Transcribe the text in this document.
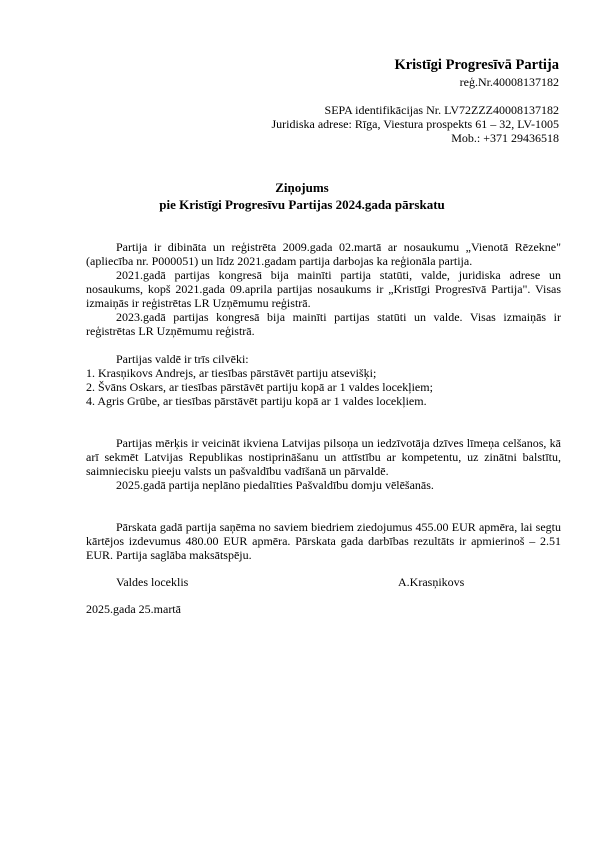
Kristīgi Progresīvā Partija
reģ.Nr.40008137182
SEPA identifikācijas Nr. LV72ZZZ40008137182
Juridiska adrese: Rīga, Viestura prospekts 61 – 32, LV-1005
Mob.: +371 29436518
Ziņojums
pie Kristīgi Progresīvu Partijas 2024.gada pārskatu

Partija ir dibināta un reģistrēta 2009.gada 02.martā ar nosaukumu „Vienotā Rēzekne" (apliecība nr. P000051) un līdz 2021.gadam partija darbojas ka reģionāla partija.

2021.gadā partijas kongresā bija mainīti partija statūti, valde, juridiska adrese un nosaukums, kopš 2021.gada 09.aprila partijas nosaukums ir „Kristīgi Progresīvā Partija". Visas izmaiņās ir reģistrētas LR Uzņēmumu reģistrā.

2023.gadā partijas kongresā bija mainīti partijas statūti un valde. Visas izmaiņās ir reģistrētas LR Uzņēmumu reģistrā.

Partijas valdē ir trīs cilvēki:

1. Krasņikovs Andrejs, ar tiesības pārstāvēt partiju atsevišķi;
2. Švāns Oskars, ar tiesības pārstāvēt partiju kopā ar 1 valdes locekļiem;
4. Agris Grūbe, ar tiesības pārstāvēt partiju kopā ar 1 valdes locekļiem.

Partijas mērķis ir veicināt ikviena Latvijas pilsoņa un iedzīvotāja dzīves līmeņa celšanos, kā arī sekmēt Latvijas Republikas nostiprināšanu un attīstību ar kompetentu, uz zinātni balstītu, saimniecisku pieeju valsts un pašvaldību vadīšanā un pārvaldē.

2025.gadā partija neplāno piedalīties Pašvaldību domju vēlēšanās.

Pārskata gadā partija saņēma no saviem biedriem ziedojumus 455.00 EUR apmēra, lai segtu kārtējos izdevumus 480.00 EUR apmēra. Pārskata gada darbības rezultāts ir apmierinoš – 2.51 EUR. Partija saglāba maksātspēju.

Valdes loceklis	A.Krasņikovs
2025.gada 25.martā
